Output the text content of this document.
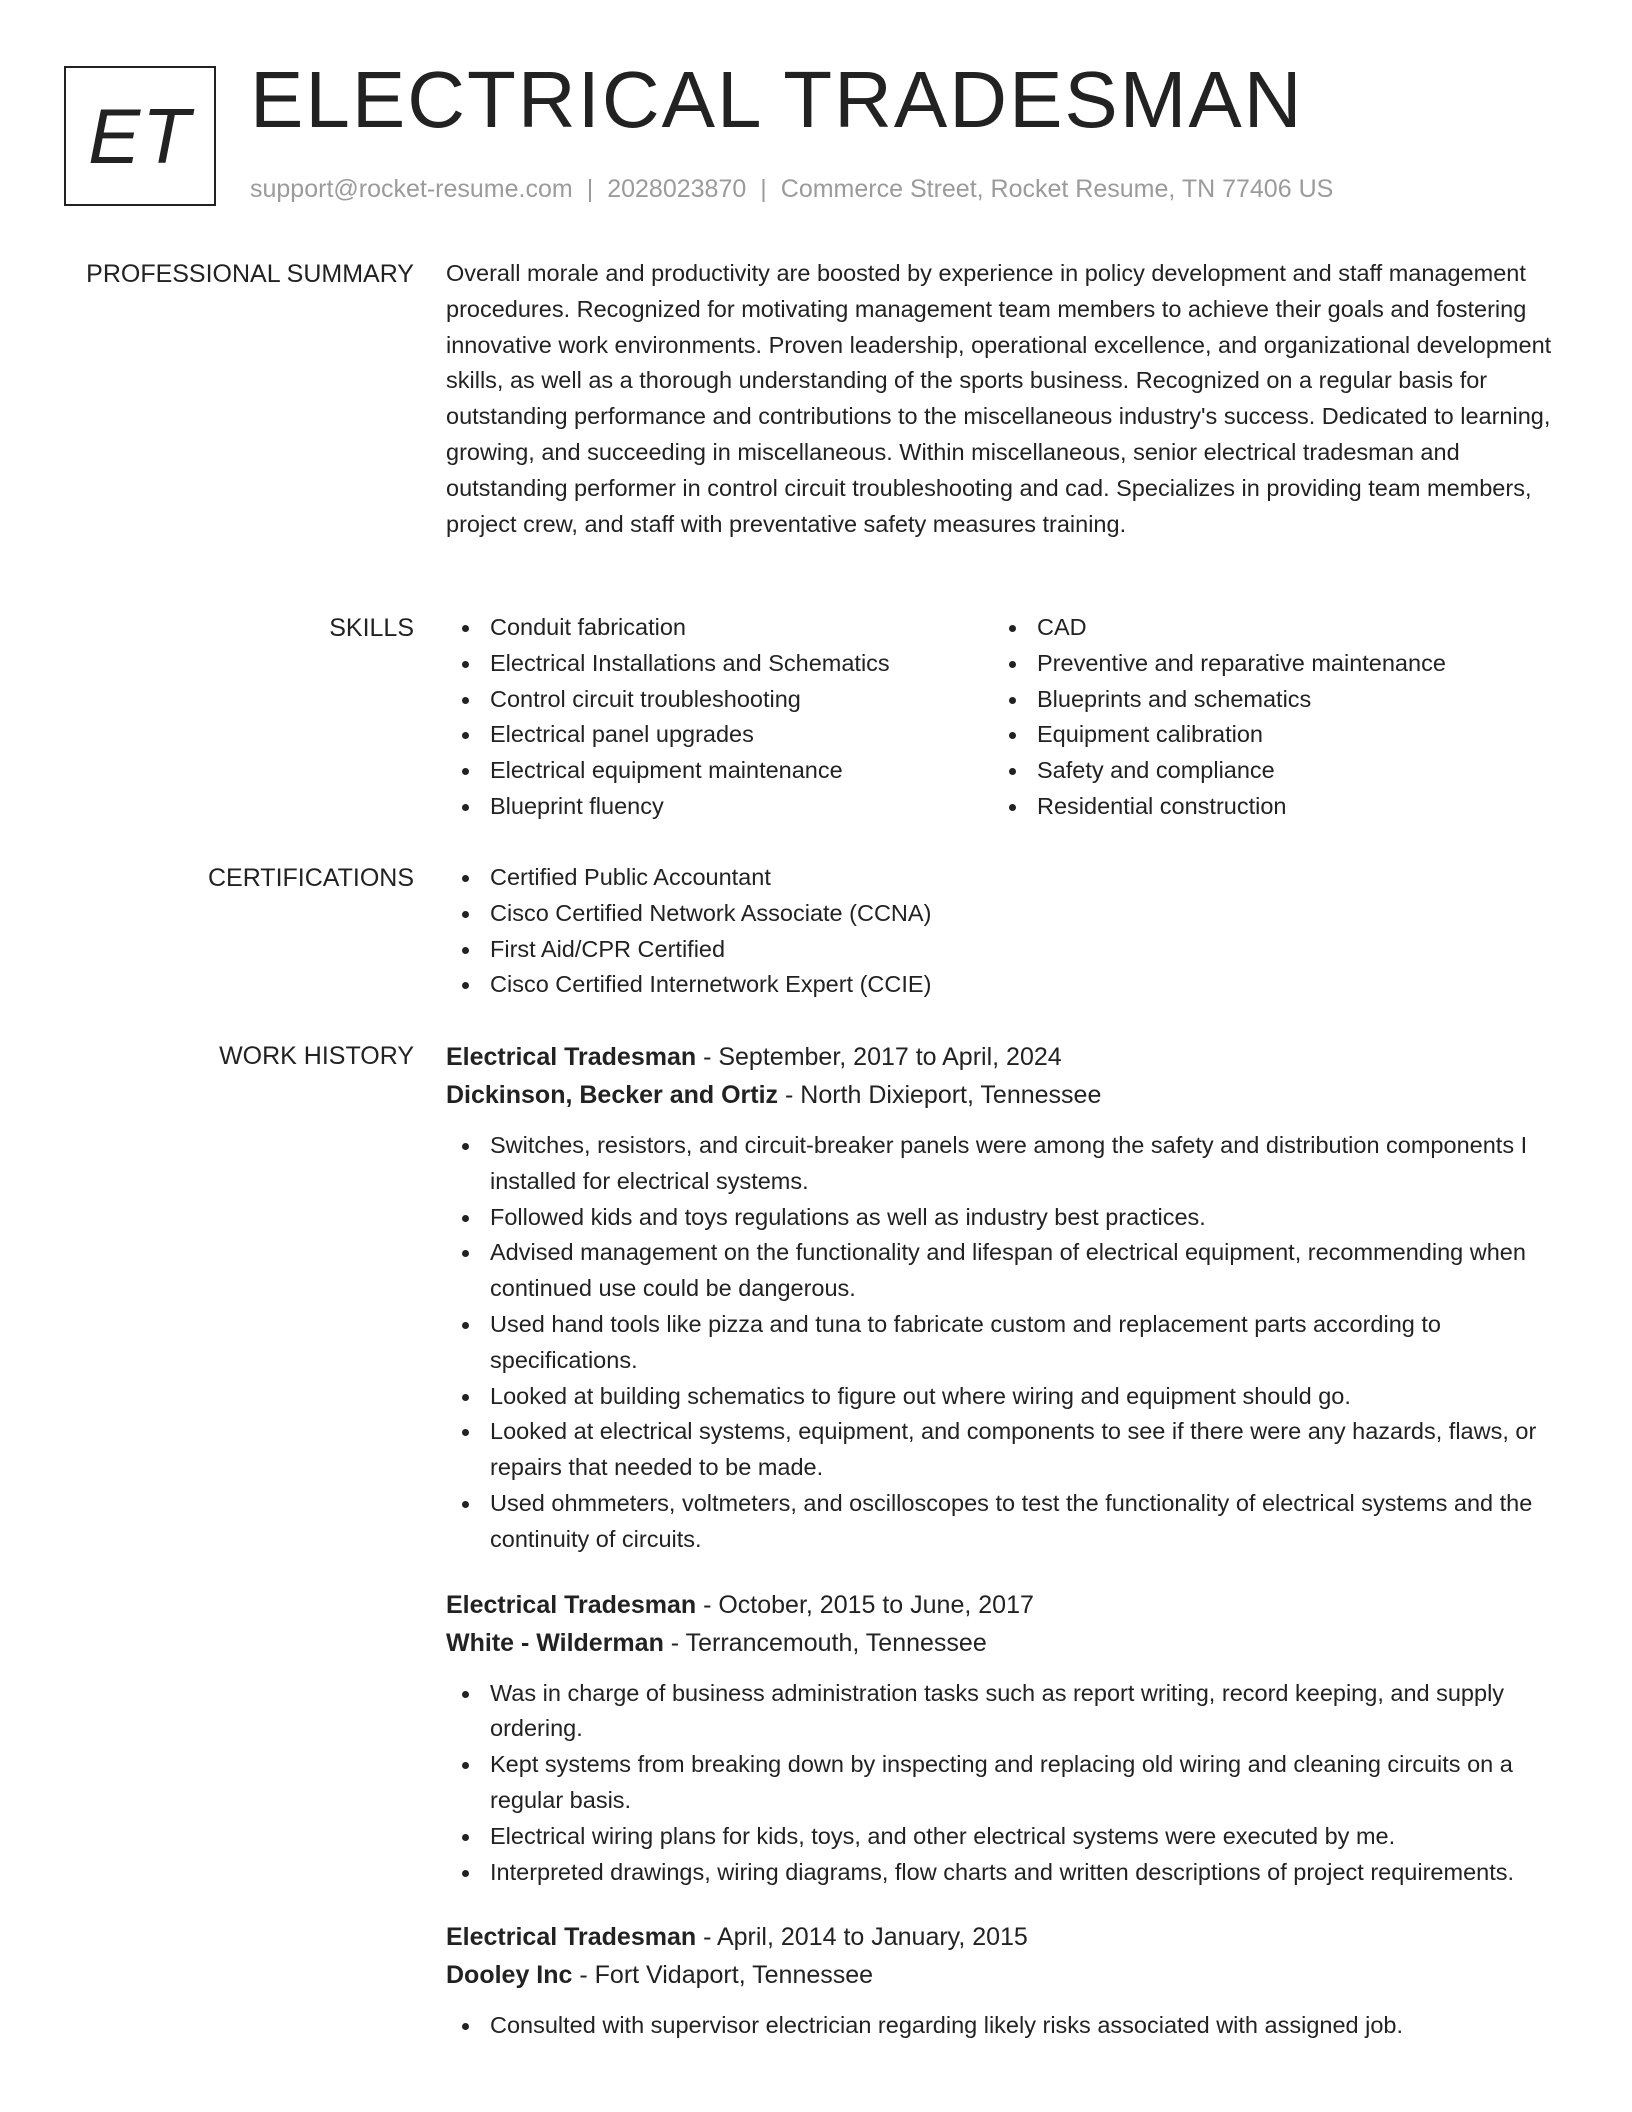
ET ELECTRICAL TRADESMAN
support@rocket-resume.com | 2028023870 | Commerce Street, Rocket Resume, TN 77406 US
PROFESSIONAL SUMMARY Overall morale and productivity are boosted by experience in policy development and staff management procedures. Recognized for motivating management team members to achieve their goals and fostering innovative work environments. Proven leadership, operational excellence, and organizational development skills, as well as a thorough understanding of the sports business. Recognized on a regular basis for outstanding performance and contributions to the miscellaneous industry's success. Dedicated to learning, growing, and succeeding in miscellaneous. Within miscellaneous, senior electrical tradesman and outstanding performer in control circuit troubleshooting and cad. Specializes in providing team members, project crew, and staff with preventative safety measures training.

SKILLS	Conduit fabrication
Electrical Installations and Schematics
Control circuit troubleshooting
Electrical panel upgrades
Electrical equipment maintenance
Blueprint fluency
CAD
Preventive and reparative maintenance
Blueprints and schematics
Equipment calibration
Safety and compliance
Residential construction
CERTIFICATIONS	Certified Public Accountant
Cisco Certified Network Associate (CCNA)
First Aid/CPR Certified
Cisco Certified Internetwork Expert (CCIE)
WORK HISTORY Electrical Tradesman - September, 2017 to April, 2024
Dickinson, Becker and Ortiz - North Dixieport, Tennessee
Switches, resistors, and circuit-breaker panels were among the safety and distribution components I installed for electrical systems.
Followed kids and toys regulations as well as industry best practices.
Advised management on the functionality and lifespan of electrical equipment, recommending when continued use could be dangerous.
Used hand tools like pizza and tuna to fabricate custom and replacement parts according to specifications.
Looked at building schematics to figure out where wiring and equipment should go.
Looked at electrical systems, equipment, and components to see if there were any hazards, flaws, or repairs that needed to be made.
Used ohmmeters, voltmeters, and oscilloscopes to test the functionality of electrical systems and the continuity of circuits.
Electrical Tradesman - October, 2015 to June, 2017
White - Wilderman - Terrancemouth, Tennessee
Was in charge of business administration tasks such as report writing, record keeping, and supply ordering.
Kept systems from breaking down by inspecting and replacing old wiring and cleaning circuits on a regular basis.
Electrical wiring plans for kids, toys, and other electrical systems were executed by me.
Interpreted drawings, wiring diagrams, flow charts and written descriptions of project requirements.
Electrical Tradesman - April, 2014 to January, 2015
Dooley Inc - Fort Vidaport, Tennessee
Consulted with supervisor electrician regarding likely risks associated with assigned job.
